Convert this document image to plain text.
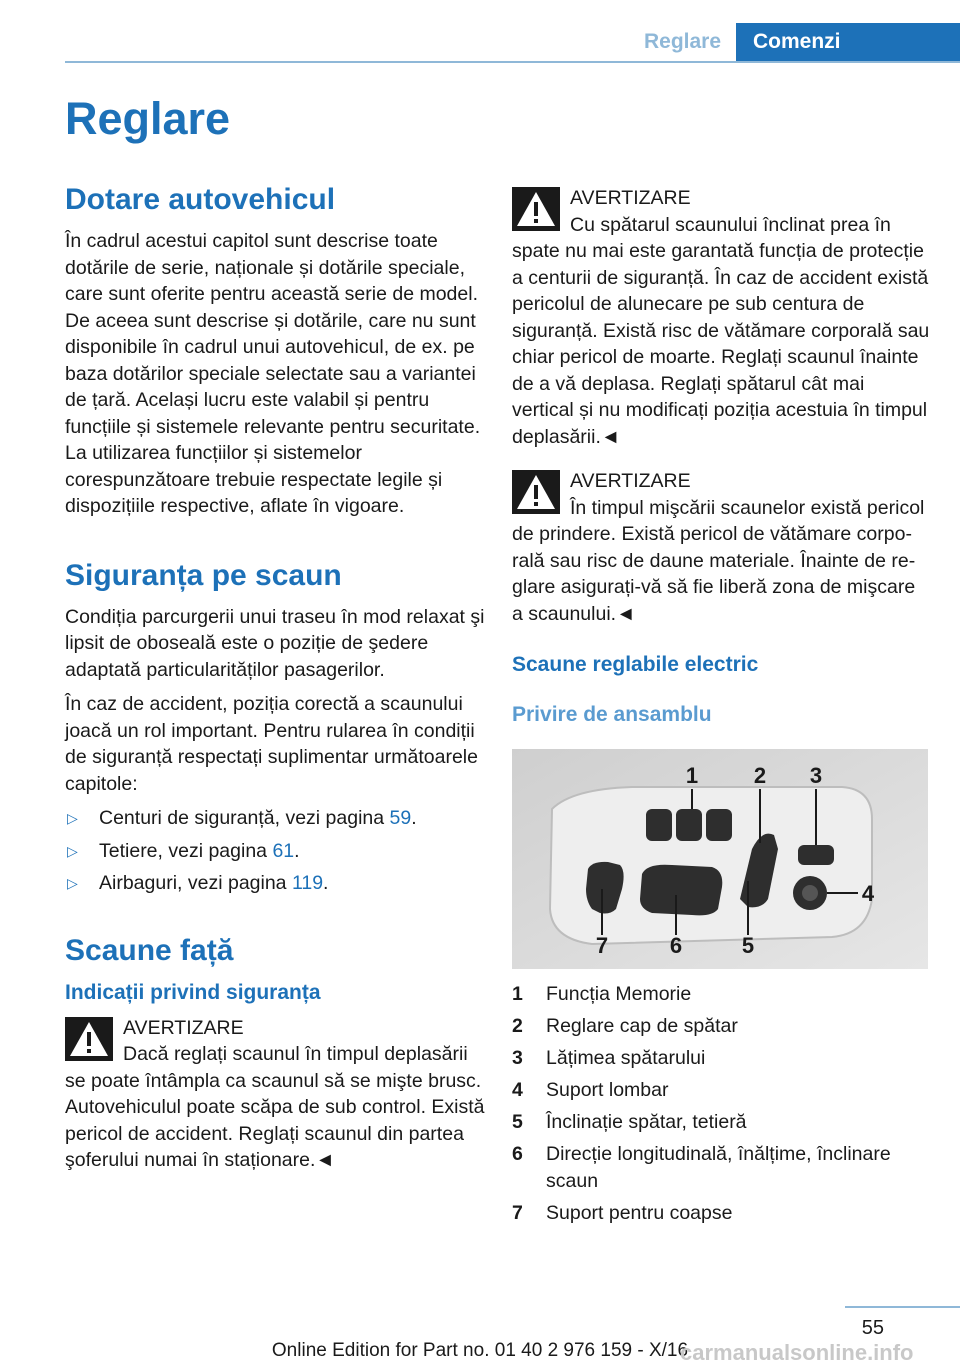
Reglare	Comenzi
Reglare
Dotare autovehicul

În cadrul acestui capitol sunt descrise toate dotările de serie, naționale și dotările speciale, care sunt oferite pentru această serie de model. De aceea sunt descrise și dotările, care nu sunt disponibile în cadrul unui autovehicul, de ex. pe baza dotărilor speciale selectate sau a variantei de țară. Același lucru este valabil și pentru funcțiile și sistemele relevante pentru securitate. La utilizarea funcțiilor și sistemelor corespunzătoare trebuie respectate legile și dispozițiile respective, aflate în vigoare.

Siguranța pe scaun

Condiția parcurgerii unui traseu în mod relaxat şi lipsit de oboseală este o poziție de şedere adaptată particularităților pasagerilor.

În caz de accident, poziția corectă a scaunului joacă un rol important. Pentru rularea în condiții de siguranță respectați suplimentar următoarele capitole:

▷ Centuri de siguranță, vezi pagina 59.
▷ Tetiere, vezi pagina 61.
▷ Airbaguri, vezi pagina 119.
Scaune față
Indicații privind siguranța
AVERTIZARE

Dacă reglați scaunul în timpul deplasării se poate întâmpla ca scaunul să se mişte brusc. Autovehiculul poate scăpa de sub control. Există pericol de accident. Reglați scaunul din partea şoferului numai în staționare.◄

AVERTIZARE

Cu spătarul scaunului înclinat prea în spate nu mai este garantată funcția de protecție a centurii de siguranță. În caz de accident există pericolul de alunecare pe sub centura de siguranță. Există risc de vătămare corporală sau chiar pericol de moarte. Reglați scaunul înainte de a vă deplasa. Reglați spătarul cât mai vertical și nu modificați poziția acestuia în timpul deplasării.◄

AVERTIZARE

În timpul mişcării scaunelor există pericol de prindere. Există pericol de vătămare corporală sau risc de daune materiale. Înainte de reglare asigurați-vă să fie liberă zona de mişcare a scaunului.◄

Scaune reglabile electric
Privire de ansamblu
1	2 3
4
5
6
7
1 Funcția Memorie
2 Reglare cap de spătar
3 Lățimea spătarului
4 Suport lombar
5 Înclinație spătar, tetieră
6 Direcție longitudinală, înălțime, înclinare scaun
7 Suport pentru coapse
55
Online Edition for Part no. 01 40 2 976 159 - X/16
carmanualsonline.info
